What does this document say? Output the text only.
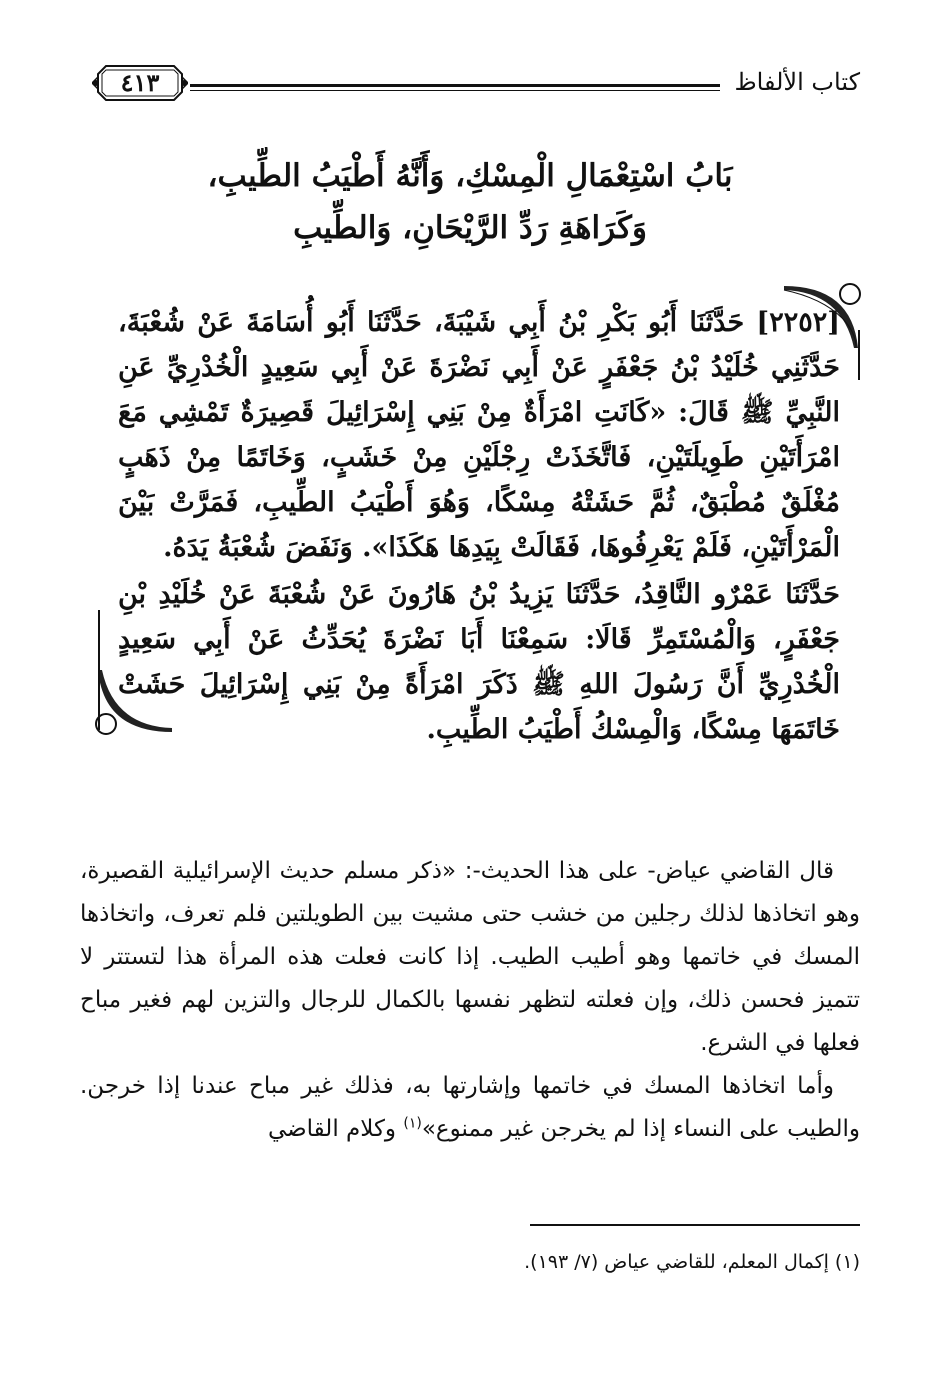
كتاب الألفاظ
٤١٣
بَابُ اسْتِعْمَالِ الْمِسْكِ، وَأَنَّهُ أَطْيَبُ الطِّيبِ،
وَكَرَاهَةِ رَدِّ الرَّيْحَانِ، وَالطِّيبِ

[٢٢٥٢] حَدَّثَنَا أَبُو بَكْرِ بْنُ أَبِي شَيْبَةَ، حَدَّثَنَا أَبُو أُسَامَةَ عَنْ شُعْبَةَ، حَدَّثَنِي خُلَيْدُ بْنُ جَعْفَرٍ عَنْ أَبِي نَضْرَةَ عَنْ أَبِي سَعِيدٍ الْخُدْرِيِّ عَنِ النَّبِيِّ ﷺ قَالَ: «كَانَتِ امْرَأَةٌ مِنْ بَنِي إِسْرَائِيلَ قَصِيرَةٌ تَمْشِي مَعَ امْرَأَتَيْنِ طَوِيلَتَيْنِ، فَاتَّخَذَتْ رِجْلَيْنِ مِنْ خَشَبٍ، وَخَاتَمًا مِنْ ذَهَبٍ مُغْلَقٌ مُطْبَقٌ، ثُمَّ حَشَتْهُ مِسْكًا، وَهُوَ أَطْيَبُ الطِّيبِ، فَمَرَّتْ بَيْنَ الْمَرْأَتَيْنِ، فَلَمْ يَعْرِفُوهَا، فَقَالَتْ بِيَدِهَا هَكَذَا». وَنَفَضَ شُعْبَةُ يَدَهُ.

حَدَّثَنَا عَمْرٌو النَّاقِدُ، حَدَّثَنَا يَزِيدُ بْنُ هَارُونَ عَنْ شُعْبَةَ عَنْ خُلَيْدِ بْنِ جَعْفَرٍ، وَالْمُسْتَمِرِّ قَالَا: سَمِعْنَا أَبَا نَضْرَةَ يُحَدِّثُ عَنْ أَبِي سَعِيدٍ الْخُدْرِيِّ أَنَّ رَسُولَ اللهِ ﷺ ذَكَرَ امْرَأَةً مِنْ بَنِي إِسْرَائِيلَ حَشَتْ خَاتَمَهَا مِسْكًا، وَالْمِسْكُ أَطْيَبُ الطِّيبِ.

قال القاضي عياض- على هذا الحديث-: «ذكر مسلم حديث الإسرائيلية القصيرة، وهو اتخاذها لذلك رجلين من خشب حتى مشيت بين الطويلتين فلم تعرف، واتخاذها المسك في خاتمها وهو أطيب الطيب. إذا كانت فعلت هذه المرأة هذا لتستتر لا تتميز فحسن ذلك، وإن فعلته لتظهر نفسها بالكمال للرجال والتزين لهم فغير مباح فعلها في الشرع.

وأما اتخاذها المسك في خاتمها وإشارتها به، فذلك غير مباح عندنا إذا خرجن. والطيب على النساء إذا لم يخرجن غير ممنوع»$^{(١)}$ وكلام القاضي

(١) إكمال المعلم، للقاضي عياض (٧/ ١٩٣).
